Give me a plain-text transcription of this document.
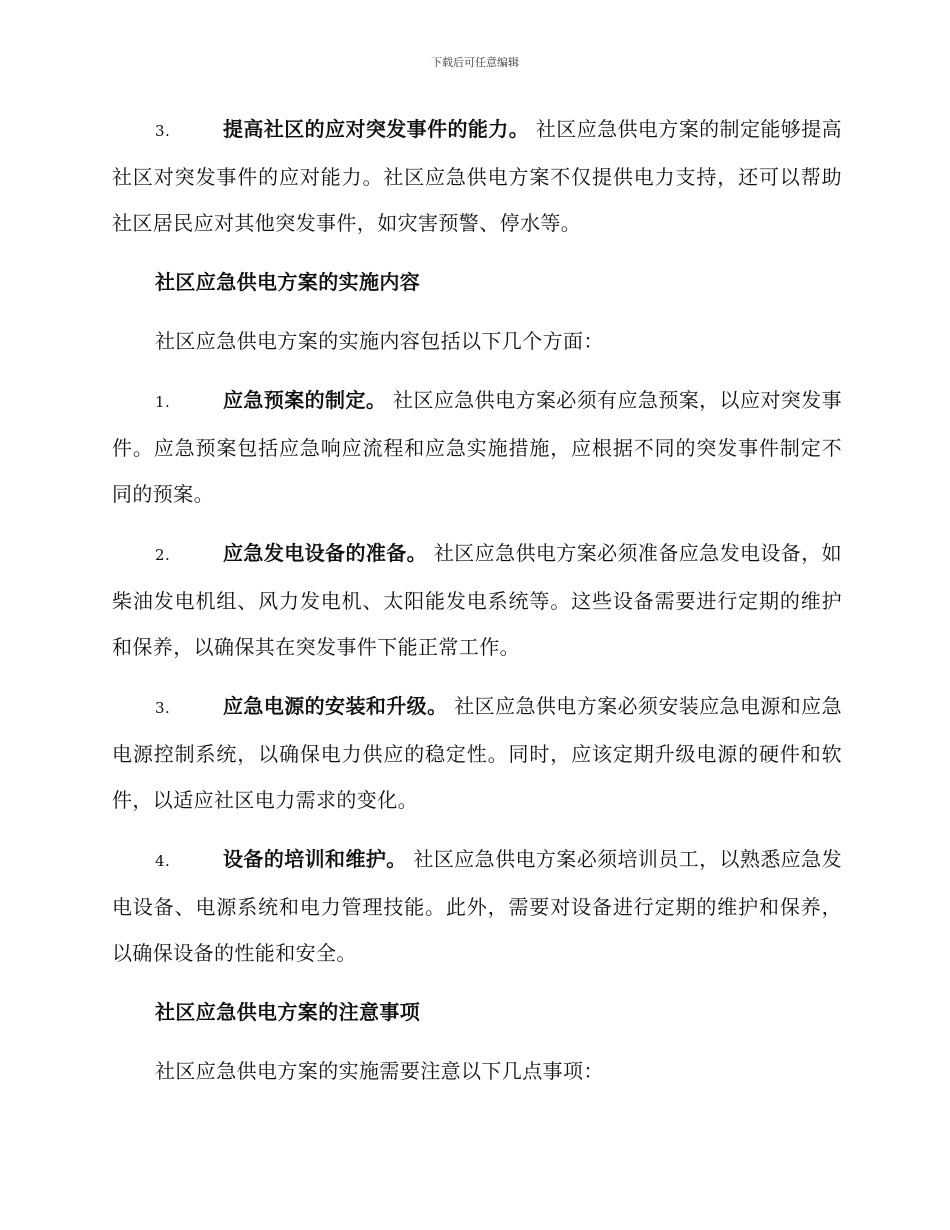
下载后可任意编辑

3.	提高社区的应对突发事件的能力。 社区应急供电方案的制定能够提高社区对突发事件的应对能力。社区应急供电方案不仅提供电力支持，还可以帮助社区居民应对其他突发事件，如灾害预警、停水等。

社区应急供电方案的实施内容

社区应急供电方案的实施内容包括以下几个方面：

1.	应急预案的制定。 社区应急供电方案必须有应急预案，以应对突发事件。应急预案包括应急响应流程和应急实施措施，应根据不同的突发事件制定不同的预案。

2.	应急发电设备的准备。 社区应急供电方案必须准备应急发电设备，如柴油发电机组、风力发电机、太阳能发电系统等。这些设备需要进行定期的维护和保养，以确保其在突发事件下能正常工作。

3.	应急电源的安装和升级。 社区应急供电方案必须安装应急电源和应急电源控制系统，以确保电力供应的稳定性。同时，应该定期升级电源的硬件和软件，以适应社区电力需求的变化。

4.	设备的培训和维护。 社区应急供电方案必须培训员工，以熟悉应急发电设备、电源系统和电力管理技能。此外，需要对设备进行定期的维护和保养，以确保设备的性能和安全。

社区应急供电方案的注意事项

社区应急供电方案的实施需要注意以下几点事项：
